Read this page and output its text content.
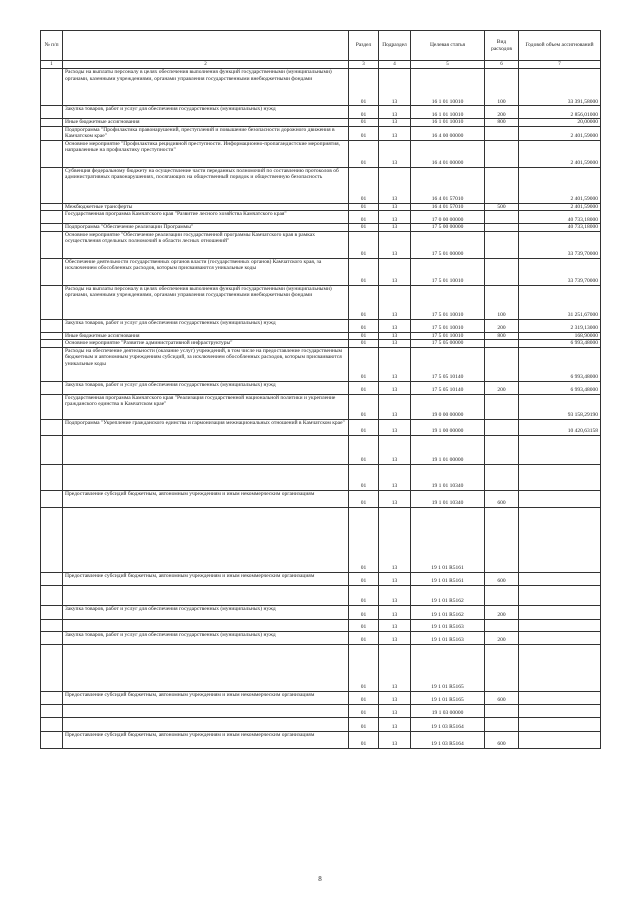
№ п/п		Раздел	Подраздел	Целевая статья	Вид расходов	Годовой объем ассигнований
1	2	3	4	5	6	7
	Расходы на выплаты персоналу в целях обеспечения выполнения функций государственными (муниципальными) органами, казенными учреждениями, органами управления государственными внебюджетными фондами	01	13	16 1 01 10010	100	33 391,58000
	Закупка товаров, работ и услуг для обеспечения государственных (муниципальных) нужд	01	13	16 1 01 10010	200	2 856,01000
	Иные бюджетные ассигнования	01	13	16 1 01 10010	800	20,00000
	Подпрограмма "Профилактика правонарушений, преступлений и повышение безопасности дорожного движения в Камчатском крае"	01	13	16 4 00 00000		2 401,59000
	Основное мероприятие "Профилактика рецидивной преступности. Информационно-пропагандистские мероприятия, направленные на профилактику преступности"	01	13	16 4 01 00000		2 401,59000
	Субвенция федеральному бюджету на осуществление части переданных полномочий по составлению протоколов об административных правонарушениях, посягающих на общественный порядок и общественную безопасность	01	13	16 4 01 57010		2 401,59000
	Межбюджетные трансферты	01	13	16 4 01 57010	500	2 401,59000
	Государственная программа Камчатского края "Развитие лесного хозяйства Камчатского края"	01	13	17 0 00 00000		40 733,18000
	Подпрограмма "Обеспечение реализации Программы"	01	13	17 5 00 00000		40 733,18000
	Основное мероприятие "Обеспечение реализации государственной программы Камчатского края в рамках осуществления отдельных полномочий в области лесных отношений"	01	13	17 5 01 00000		33 739,70000
	Обеспечение деятельности государственных органов власти (государственных органов) Камчатского края, за исключением обособленных расходов, которым присваиваются уникальные коды	01	13	17 5 01 10010		33 739,70000
	Расходы на выплаты персоналу в целях обеспечения выполнения функций государственными (муниципальными) органами, казенными учреждениями, органами управления государственными внебюджетными фондами	01	13	17 5 01 10010	100	31 251,67000
	Закупка товаров, работ и услуг для обеспечения государственных (муниципальных) нужд	01	13	17 5 01 10010	200	2 319,13000
	Иные бюджетные ассигнования	01	13	17 5 01 10010	800	168,90000
	Основное мероприятие "Развитие административной инфраструктуры"	01	13	17 5 05 00000		6 993,48000
	Расходы на обеспечение деятельности (оказание услуг) учреждений, в том числе на предоставление государственным бюджетным и автономным учреждениям субсидий, за исключением обособленных расходов, которым присваиваются уникальные коды	01	13	17 5 05 10140		6 993,48000
	Закупка товаров, работ и услуг для обеспечения государственных (муниципальных) нужд	01	13	17 5 05 10140	200	6 993,48000
	Государственная программа Камчатского края "Реализация государственной национальной политики и укрепление гражданского единства в Камчатском крае"	01	13	19 0 00 00000		93 158,29190
	Подпрограмма "Укрепление гражданского единства и гармонизация межнациональных отношений в Камчатском крае"	01	13	19 1 00 00000		10 420,63158
		01	13	19 1 01 00000		
		01	13	19 1 01 10340		
	Предоставление субсидий бюджетным, автономным учреждениям и иным некоммерческим организациям	01	13	19 1 01 10340	600	
		01	13	19 1 01 R5161		
	Предоставление субсидий бюджетным, автономным учреждениям и иным некоммерческим организациям	01	13	19 1 01 R5161	600	
		01	13	19 1 01 R5162		
	Закупка товаров, работ и услуг для обеспечения государственных (муниципальных) нужд	01	13	19 1 01 R5162	200	
		01	13	19 1 01 R5163		
	Закупка товаров, работ и услуг для обеспечения государственных (муниципальных) нужд	01	13	19 1 01 R5163	200	
		01	13	19 1 01 R5165		
	Предоставление субсидий бюджетным, автономным учреждениям и иным некоммерческим организациям	01	13	19 1 01 R5165	600	
		01	13	19 1 03 00000		
		01	13	19 1 03 R5164		
	Предоставление субсидий бюджетным, автономным учреждениям и иным некоммерческим организациям	01	13	19 1 03 R5164	600	
8
